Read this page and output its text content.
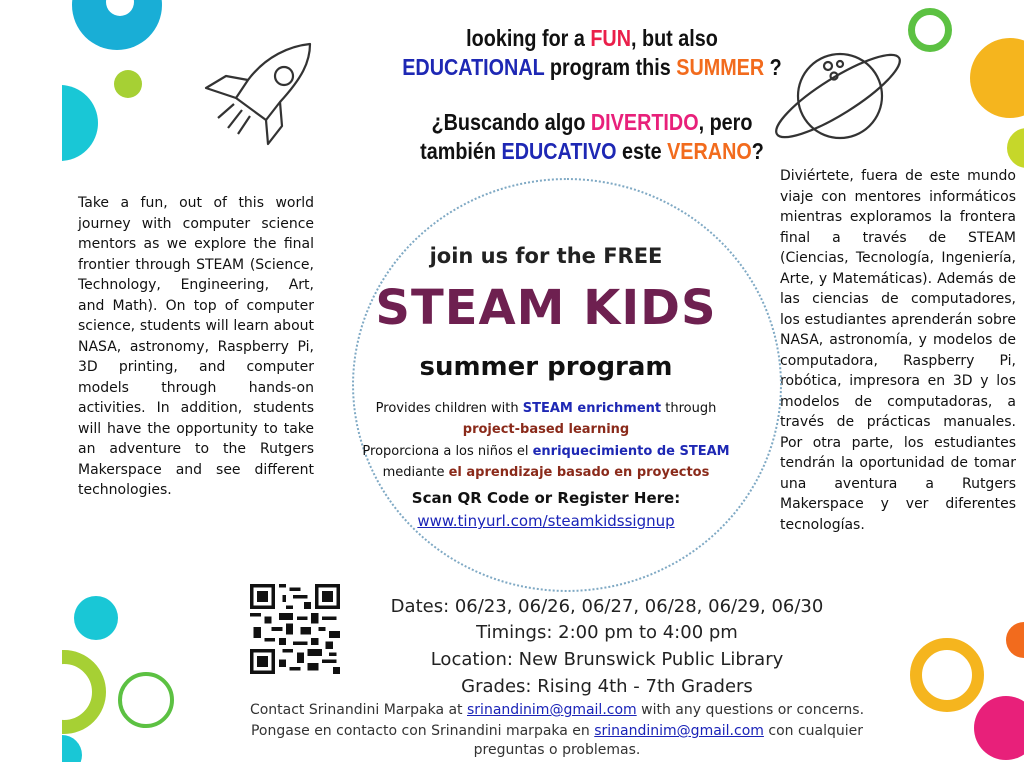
looking for a FUN, but also
EDUCATIONAL program this SUMMER ?
¿Buscando algo DIVERTIDO, pero
también EDUCATIVO este VERANO?
Take a fun, out of this world journey with computer science mentors as we explore the final frontier through STEAM (Science, Technology, Engineering, Art, and Math). On top of computer science, students will learn about NASA, astronomy, Raspberry Pi, 3D printing, and computer models through hands-on activities. In addition, students will have the opportunity to take an adventure to the Rutgers Makerspace and see different technologies.
Diviértete, fuera de este mundo viaje con mentores informáticos mientras exploramos la frontera final a través de STEAM (Ciencias, Tecnología, Ingeniería, Arte, y Matemáticas). Además de las ciencias de computadores, los estudiantes aprenderán sobre NASA, astronomía, y modelos de computadora, Raspberry Pi, robótica, impresora en 3D y los modelos de computadoras, a través de prácticas manuales. Por otra parte, los estudiantes tendrán la oportunidad de tomar una aventura a Rutgers Makerspace y ver diferentes tecnologías.
join us for the FREE
STEAM KIDS
summer program
Provides children with STEAM enrichment through
project-based learning
Proporciona a los niños el enriquecimiento de STEAM
mediante el aprendizaje basado en proyectos
Scan QR Code or Register Here:
www.tinyurl.com/steamkidssignup
Dates: 06/23, 06/26, 06/27, 06/28, 06/29, 06/30
Timings: 2:00 pm to 4:00 pm
Location: New Brunswick Public Library
Grades: Rising 4th - 7th Graders
Contact Srinandini Marpaka at srinandinim@gmail.com with any questions or concerns.
Pongase en contacto con Srinandini marpaka en srinandinim@gmail.com con cualquier
preguntas o problemas.
